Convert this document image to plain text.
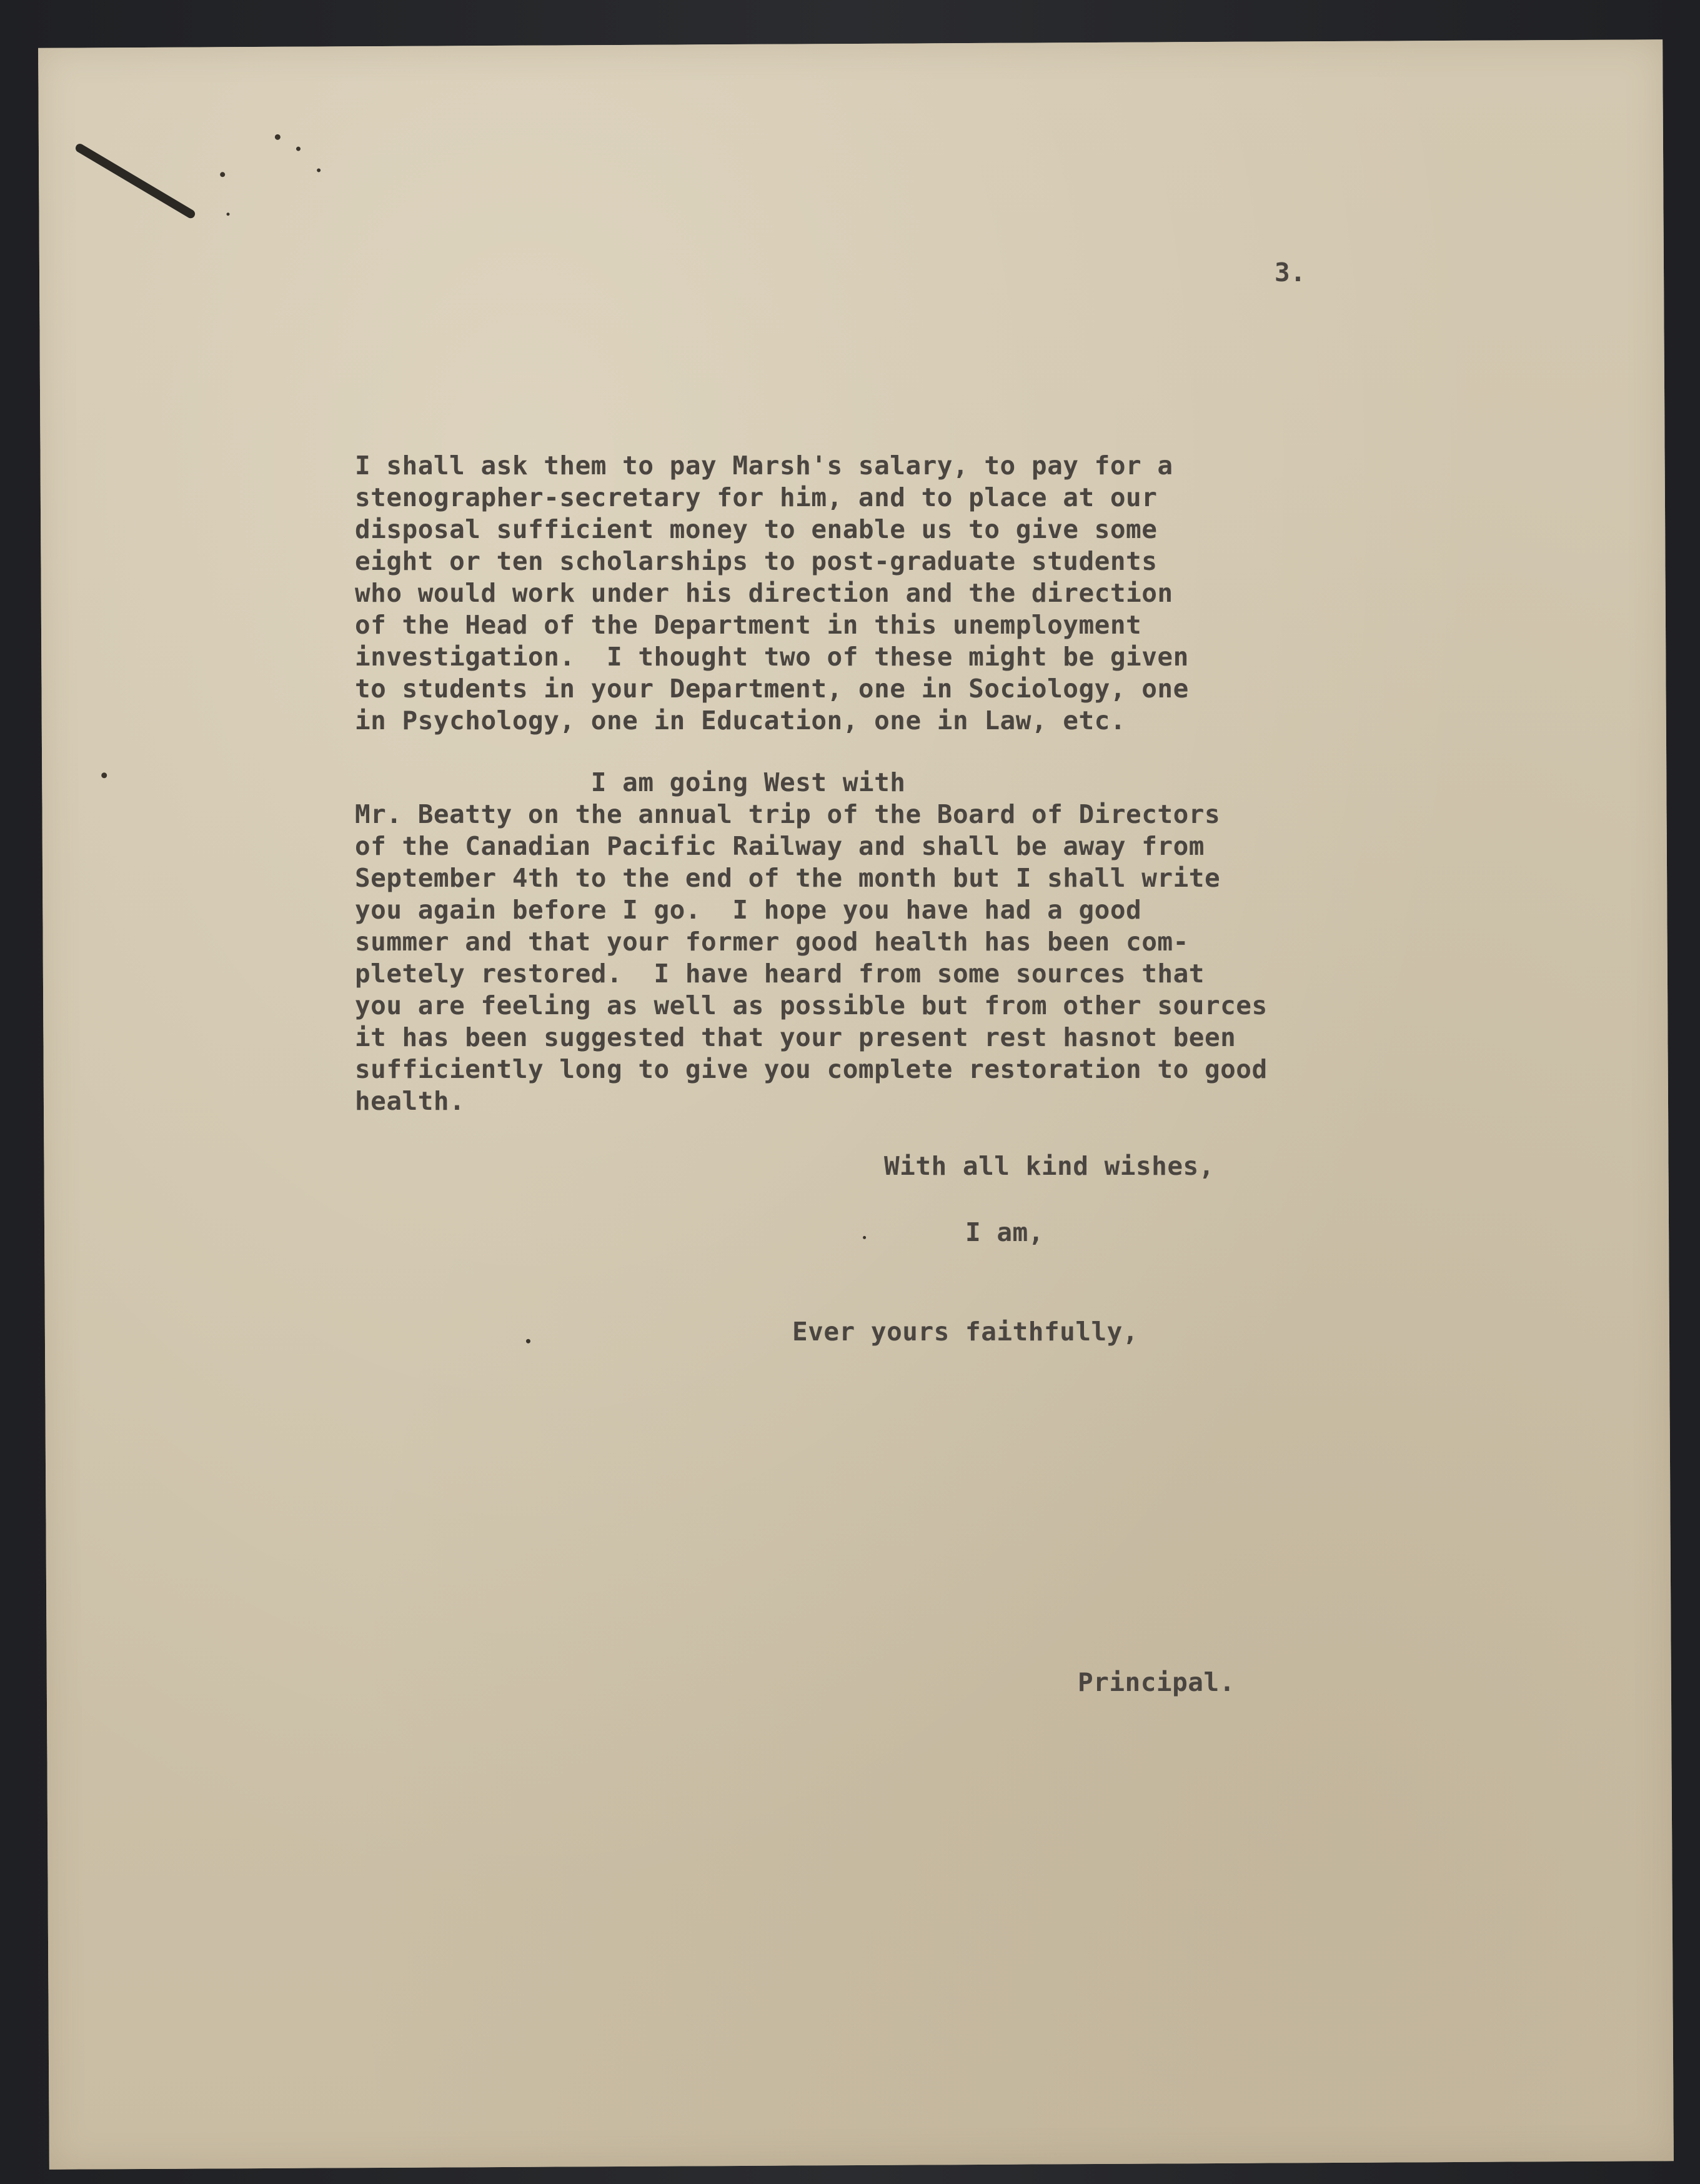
3.
I shall ask them to pay Marsh's salary, to pay for a
stenographer-secretary for him, and to place at our
disposal sufficient money to enable us to give some
eight or ten scholarships to post-graduate students
who would work under his direction and the direction
of the Head of the Department in this unemployment
investigation.  I thought two of these might be given
to students in your Department, one in Sociology, one
in Psychology, one in Education, one in Law, etc.
I am going West with
Mr. Beatty on the annual trip of the Board of Directors
of the Canadian Pacific Railway and shall be away from
September 4th to the end of the month but I shall write
you again before I go.  I hope you have had a good
summer and that your former good health has been com-
pletely restored.  I have heard from some sources that
you are feeling as well as possible but from other sources
it has been suggested that your present rest hasnot been
sufficiently long to give you complete restoration to good
health.
With all kind wishes,
I am,
Ever yours faithfully,
Principal.
